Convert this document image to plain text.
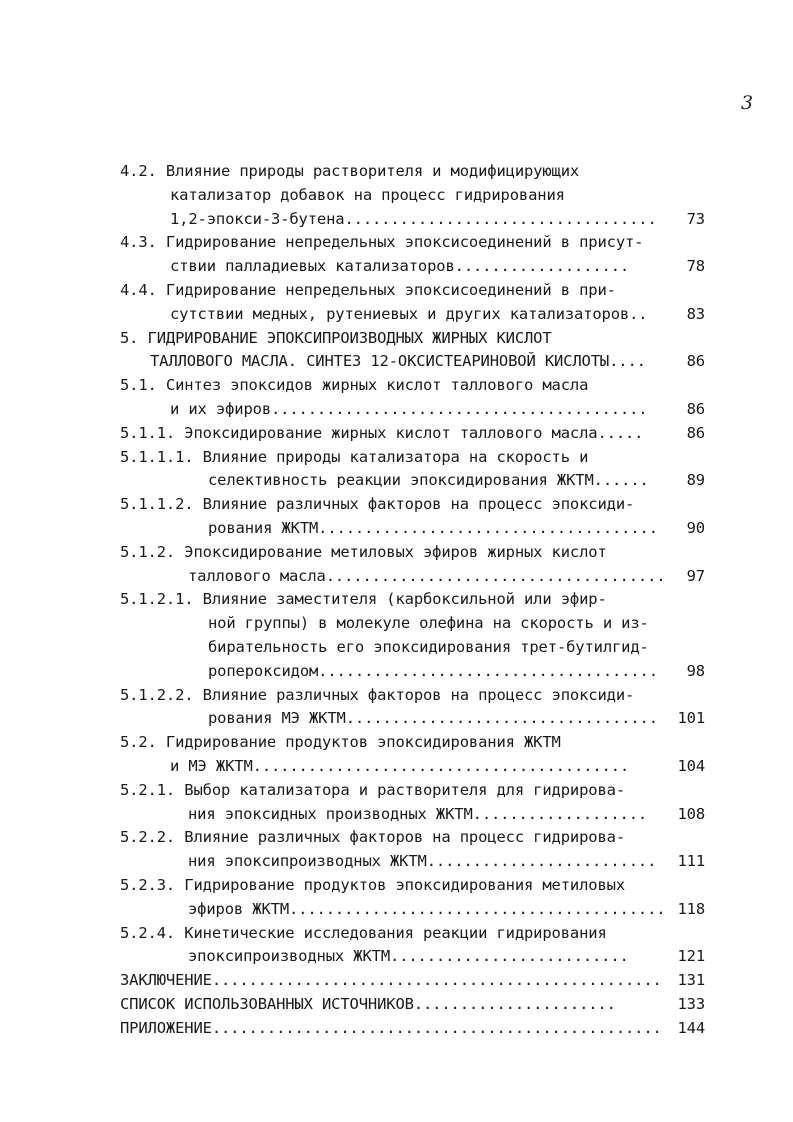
3
4.2. Влияние природы растворителя и модифицирующих
катализатор добавок на процесс гидрирования
1,2-эпокси-3-бутена.................................. 73
4.3. Гидрирование непредельных эпоксисоединений в присут-
ствии палладиевых катализаторов...................	78
4.4. Гидрирование непредельных эпоксисоединений в при-
сутствии медных, рутениевых и других катализаторов..	83
5. ГИДРИРОВАНИЕ ЭПОКСИПРОИЗВОДНЫХ ЖИРНЫХ КИСЛОТ
ТАЛЛОВОГО МАСЛА. СИНТЕЗ 12-ОКСИСТЕАРИНОВОЙ КИСЛОТЫ....	86
5.1. Синтез эпоксидов жирных кислот таллового масла
и их эфиров.........................................	86
5.1.1. Эпоксидирование жирных кислот таллового масла.....	86
5.1.1.1. Влияние природы катализатора на скорость и
селективность реакции эпоксидирования ЖКТМ...... 89
5.1.1.2. Влияние различных факторов на процесс эпоксиди-
рования ЖКТМ..................................... 90
5.1.2. Эпоксидирование метиловых эфиров жирных кислот
таллового масла..................................... 97
5.1.2.1. Влияние заместителя (карбоксильной или эфир-
ной группы) в молекуле олефина на скорость и из-
бирательность его эпоксидирования трет-бутилгид-
ропероксидом..................................... 98
5.1.2.2. Влияние различных факторов на процесс эпоксиди-
рования МЭ ЖКТМ.................................. 101
5.2. Гидрирование продуктов эпоксидирования ЖКТМ
и МЭ ЖКТМ.........................................	104
5.2.1. Выбор катализатора и растворителя для гидрирова-
ния эпоксидных производных ЖКТМ................... 108
5.2.2. Влияние различных факторов на процесс гидрирова-
ния эпоксипроизводных ЖКТМ......................... 111
5.2.3. Гидрирование продуктов эпоксидирования метиловых
эфиров ЖКТМ......................................... 118
5.2.4. Кинетические исследования реакции гидрирования
эпоксипроизводных ЖКТМ..........................	121
ЗАКЛЮЧЕНИЕ................................................. 131
СПИСОК ИСПОЛЬЗОВАННЫХ ИСТОЧНИКОВ......................	133
ПРИЛОЖЕНИЕ................................................. 144
